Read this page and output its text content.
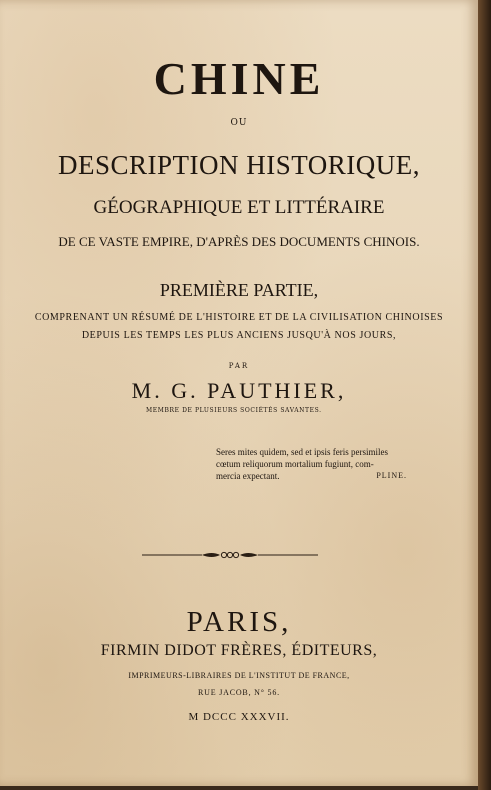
CHINE
OU
DESCRIPTION HISTORIQUE,
GÉOGRAPHIQUE ET LITTÉRAIRE
DE CE VASTE EMPIRE, D'APRÈS DES DOCUMENTS CHINOIS.
PREMIÈRE PARTIE,
COMPRENANT UN RÉSUMÉ DE L'HISTOIRE ET DE LA CIVILISATION CHINOISES
DEPUIS LES TEMPS LES PLUS ANCIENS JUSQU'À NOS JOURS,
PAR
M. G. PAUTHIER,
MEMBRE DE PLUSIEURS SOCIÉTÉS SAVANTES.
Seres mites quidem, sed et ipsis feris persimiles
cœtum reliquorum mortalium fugiunt, com-
mercia expectant.	PLINE.
PARIS,
FIRMIN DIDOT FRÈRES, ÉDITEURS,
IMPRIMEURS-LIBRAIRES DE L'INSTITUT DE FRANCE,
RUE JACOB, N° 56.
M DCCC XXXVII.
